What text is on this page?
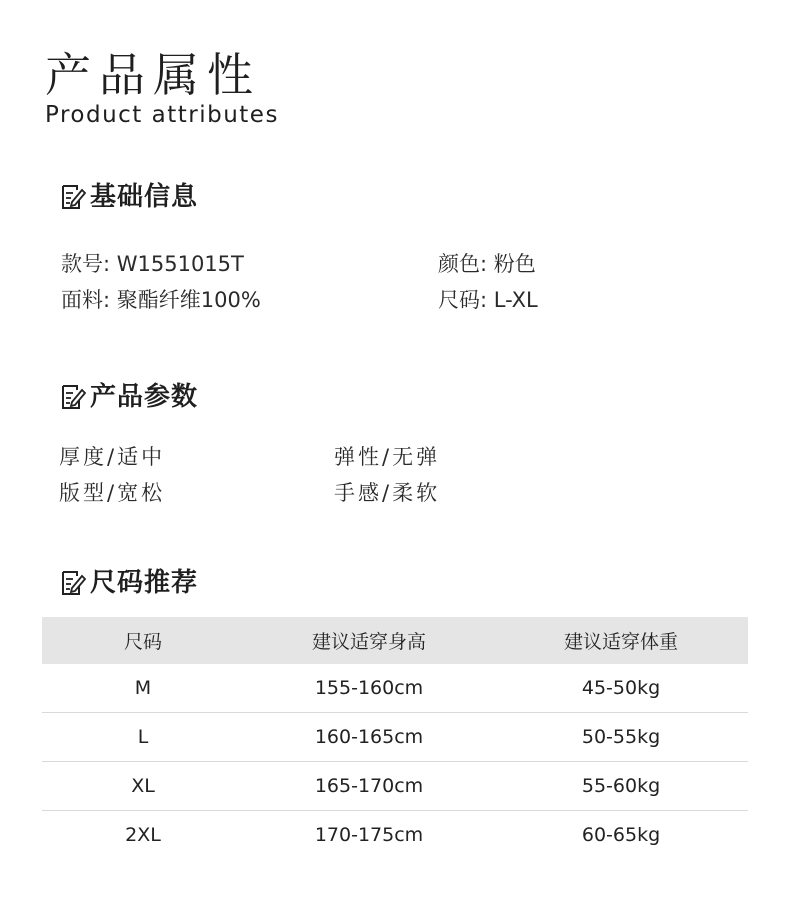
产品属性
Product attributes
基础信息
款号: W1551015T	颜色: 粉色
面料: 聚酯纤维100%	尺码: L-XL
产品参数
厚度/适中	弹性/无弹
版型/宽松	手感/柔软
尺码推荐
尺码	建议适穿身高	建议适穿体重
M	155-160cm	45-50kg
L	160-165cm	50-55kg
XL	165-170cm	55-60kg
2XL	170-175cm	60-65kg
